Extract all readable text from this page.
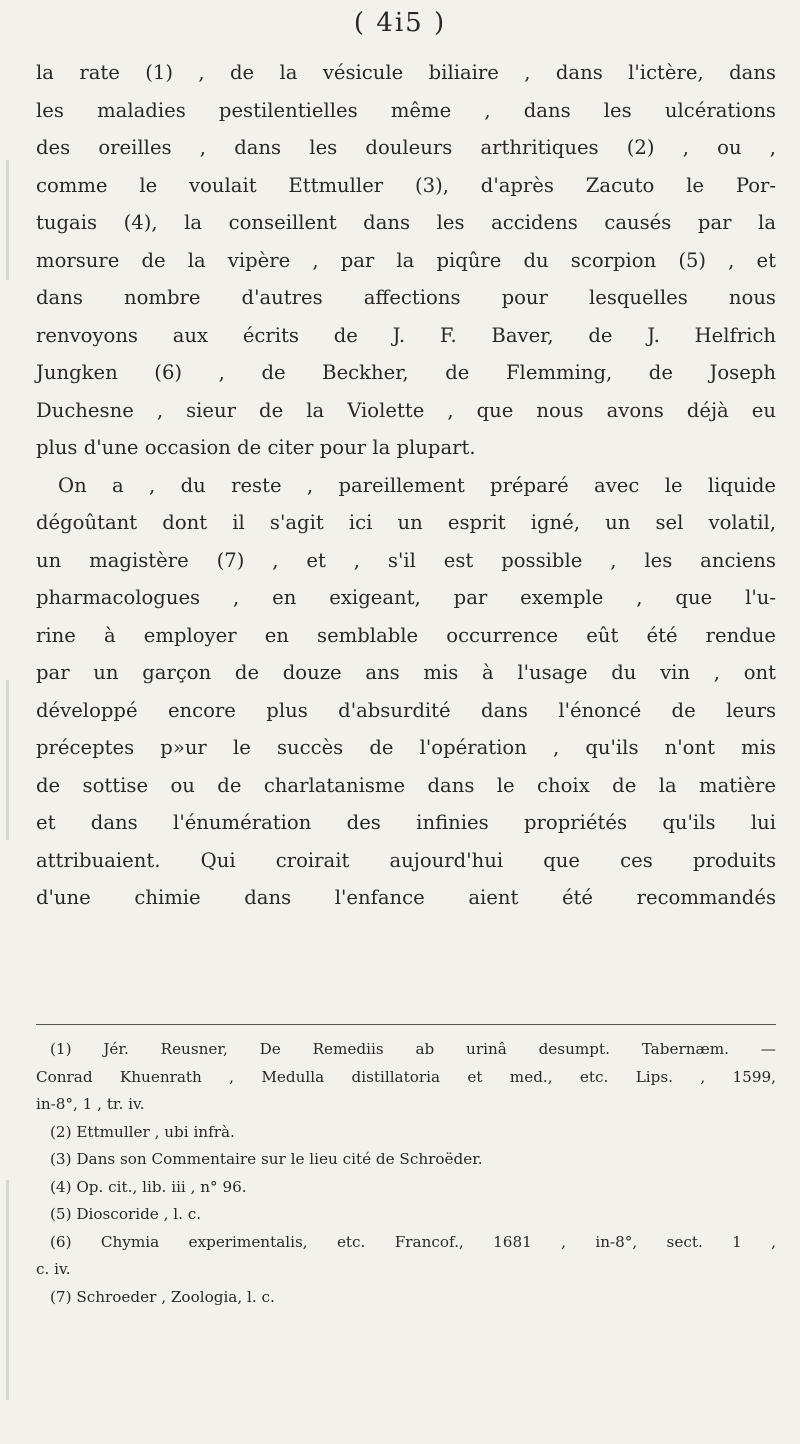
( 4i5 )
la rate (1) , de la vésicule biliaire , dans l'ictère, dans
les maladies pestilentielles même , dans les ulcérations
des oreilles , dans les douleurs arthritiques (2) , ou ,
comme le voulait Ettmuller (3), d'après Zacuto le Por-
tugais (4), la conseillent dans les accidens causés par la
morsure de la vipère , par la piqûre du scorpion (5) , et
dans nombre d'autres affections pour lesquelles nous
renvoyons aux écrits de J. F. Baver, de J. Helfrich
Jungken (6) , de Beckher, de Flemming, de Joseph
Duchesne , sieur de la Violette , que nous avons déjà eu
plus d'une occasion de citer pour la plupart.
On a , du reste , pareillement préparé avec le liquide
dégoûtant dont il s'agit ici un esprit igné, un sel volatil,
un magistère (7) , et , s'il est possible , les anciens
pharmacologues , en exigeant, par exemple , que l'u-
rine à employer en semblable occurrence eût été rendue
par un garçon de douze ans mis à l'usage du vin , ont
développé encore plus d'absurdité dans l'énoncé de leurs
préceptes p»ur le succès de l'opération , qu'ils n'ont mis
de sottise ou de charlatanisme dans le choix de la matière
et dans l'énumération des infinies propriétés qu'ils lui
attribuaient. Qui croirait aujourd'hui que ces produits
d'une chimie dans l'enfance aient été recommandés
(1) Jér. Reusner, De Remediis ab urinâ desumpt. Tabernæm. —
Conrad Khuenrath , Medulla distillatoria et med., etc. Lips. , 1599,
in-8°, 1 , tr. iv.
(2) Ettmuller , ubi infrà.
(3) Dans son Commentaire sur le lieu cité de Schroëder.
(4) Op. cit., lib. iii , n° 96.
(5) Dioscoride , l. c.
(6) Chymia experimentalis, etc. Francof., 1681 , in-8°, sect. 1 ,
c. iv.
(7) Schroeder , Zoologia, l. c.
